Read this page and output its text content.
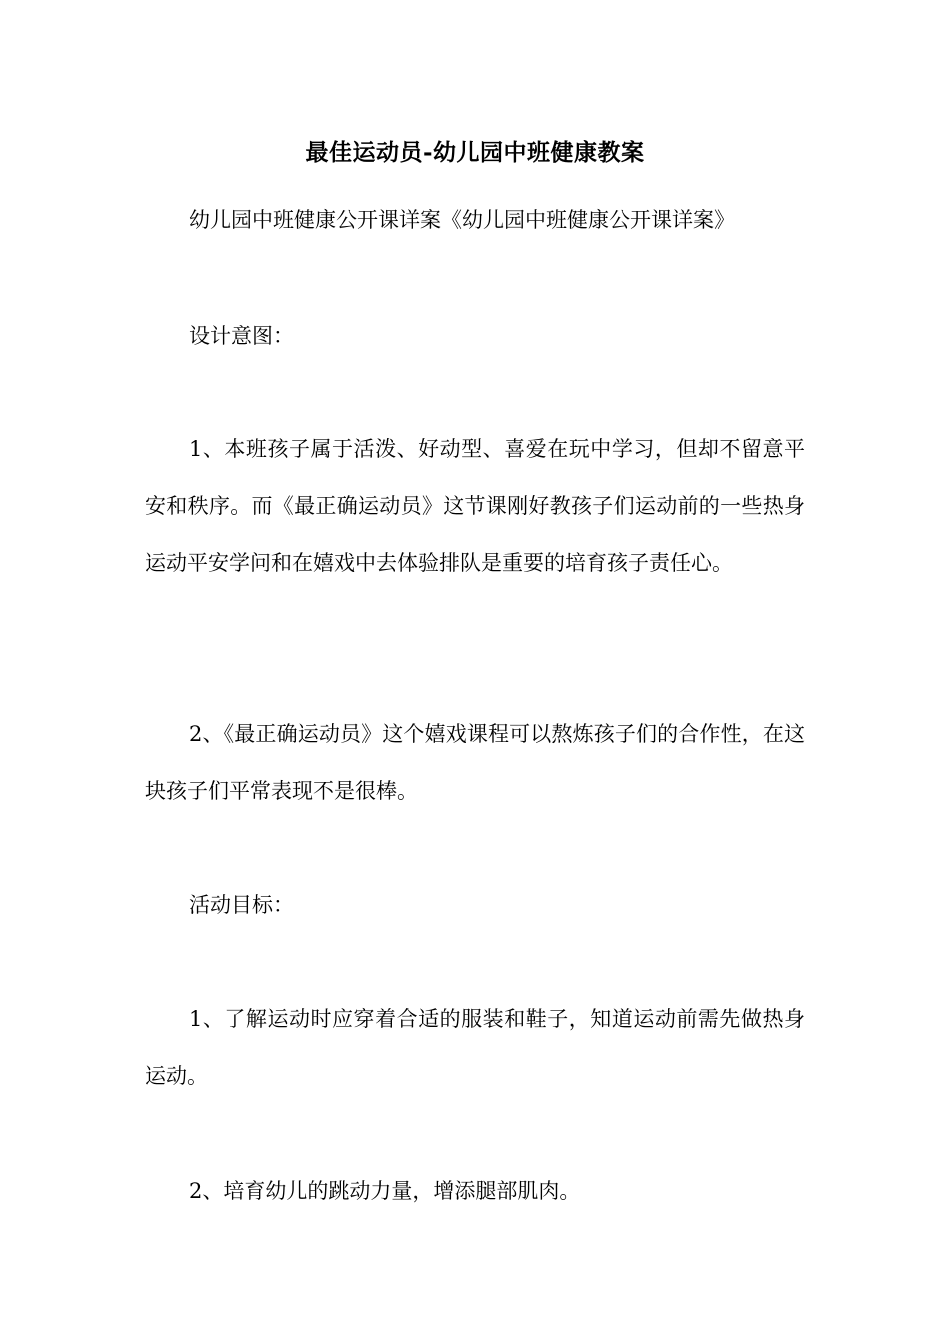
最佳运动员-幼儿园中班健康教案

幼儿园中班健康公开课详案《幼儿园中班健康公开课详案》

设计意图：

1、本班孩子属于活泼、好动型、喜爱在玩中学习，但却不留意平安和秩序。而《最正确运动员》这节课刚好教孩子们运动前的一些热身运动平安学问和在嬉戏中去体验排队是重要的培育孩子责任心。

2、《最正确运动员》这个嬉戏课程可以熬炼孩子们的合作性，在这块孩子们平常表现不是很棒。

活动目标：

1、了解运动时应穿着合适的服装和鞋子，知道运动前需先做热身运动。

2、培育幼儿的跳动力量，增添腿部肌肉。
